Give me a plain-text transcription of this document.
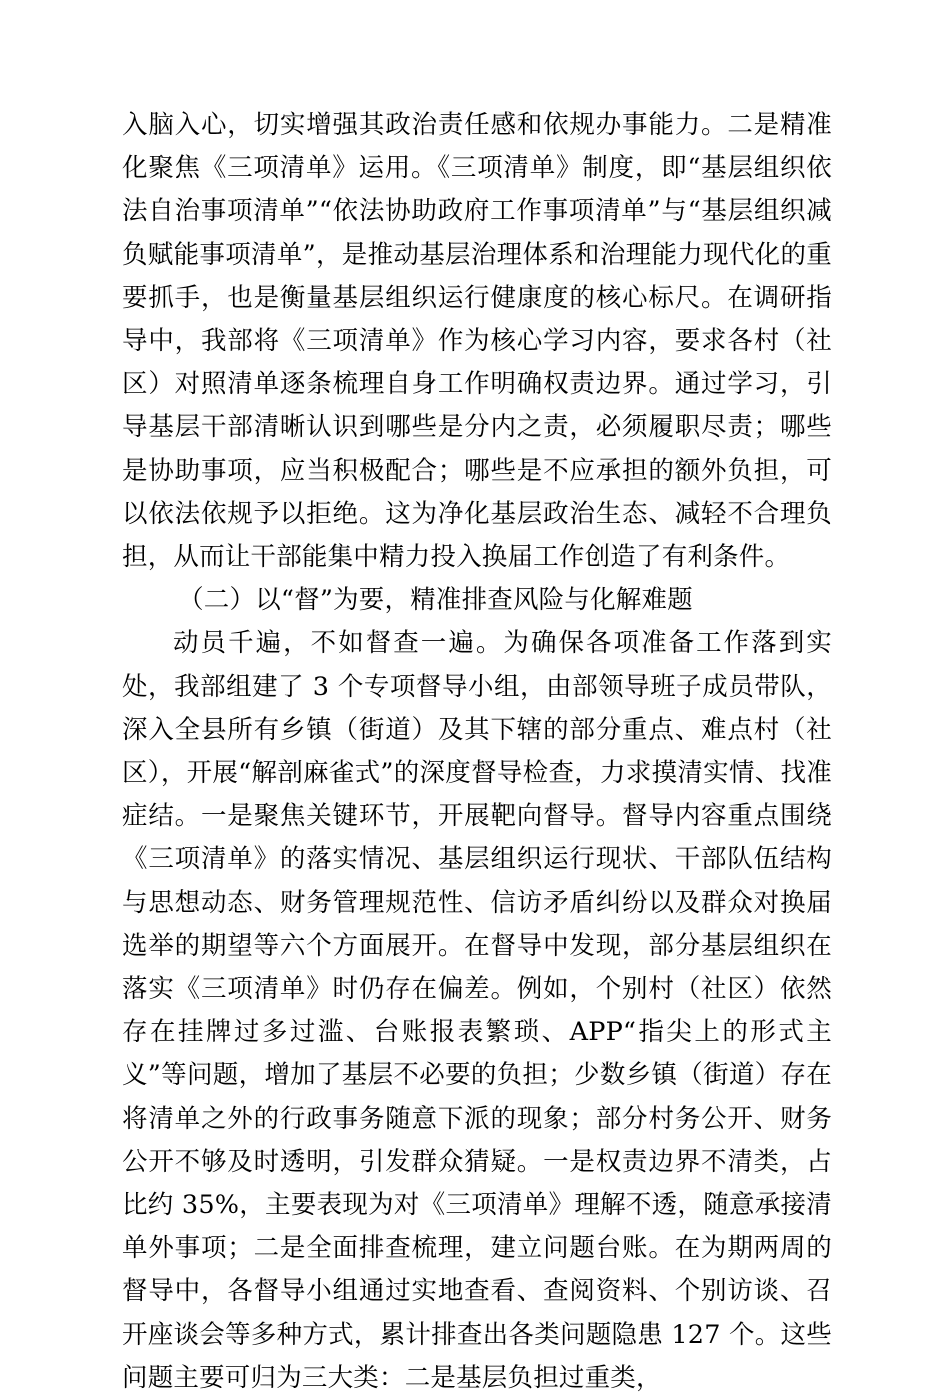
入脑入心，切实增强其政治责任感和依规办事能力。二是精准化聚焦《三项清单》运用。《三项清单》制度，即“基层组织依法自治事项清单”“依法协助政府工作事项清单”与“基层组织减负赋能事项清单”，是推动基层治理体系和治理能力现代化的重要抓手，也是衡量基层组织运行健康度的核心标尺。在调研指导中，我部将《三项清单》作为核心学习内容，要求各村（社区）对照清单逐条梳理自身工作明确权责边界。通过学习，引导基层干部清晰认识到哪些是分内之责，必须履职尽责；哪些是协助事项，应当积极配合；哪些是不应承担的额外负担，可以依法依规予以拒绝。这为净化基层政治生态、减轻不合理负担，从而让干部能集中精力投入换届工作创造了有利条件。

（二）以“督”为要，精准排查风险与化解难题

动员千遍，不如督查一遍。为确保各项准备工作落到实处，我部组建了 3 个专项督导小组，由部领导班子成员带队，深入全县所有乡镇（街道）及其下辖的部分重点、难点村（社区），开展“解剖麻雀式”的深度督导检查，力求摸清实情、找准症结。一是聚焦关键环节，开展靶向督导。督导内容重点围绕《三项清单》的落实情况、基层组织运行现状、干部队伍结构与思想动态、财务管理规范性、信访矛盾纠纷以及群众对换届选举的期望等六个方面展开。在督导中发现，部分基层组织在落实《三项清单》时仍存在偏差。例如，个别村（社区）依然存在挂牌过多过滥、台账报表繁琐、APP“指尖上的形式主义”等问题，增加了基层不必要的负担；少数乡镇（街道）存在将清单之外的行政事务随意下派的现象；部分村务公开、财务公开不够及时透明，引发群众猜疑。一是权责边界不清类，占比约 35%，主要表现为对《三项清单》理解不透，随意承接清单外事项；二是全面排查梳理，建立问题台账。在为期两周的督导中，各督导小组通过实地查看、查阅资料、个别访谈、召开座谈会等多种方式，累计排查出各类问题隐患 127 个。这些问题主要可归为三大类：二是基层负担过重类，
